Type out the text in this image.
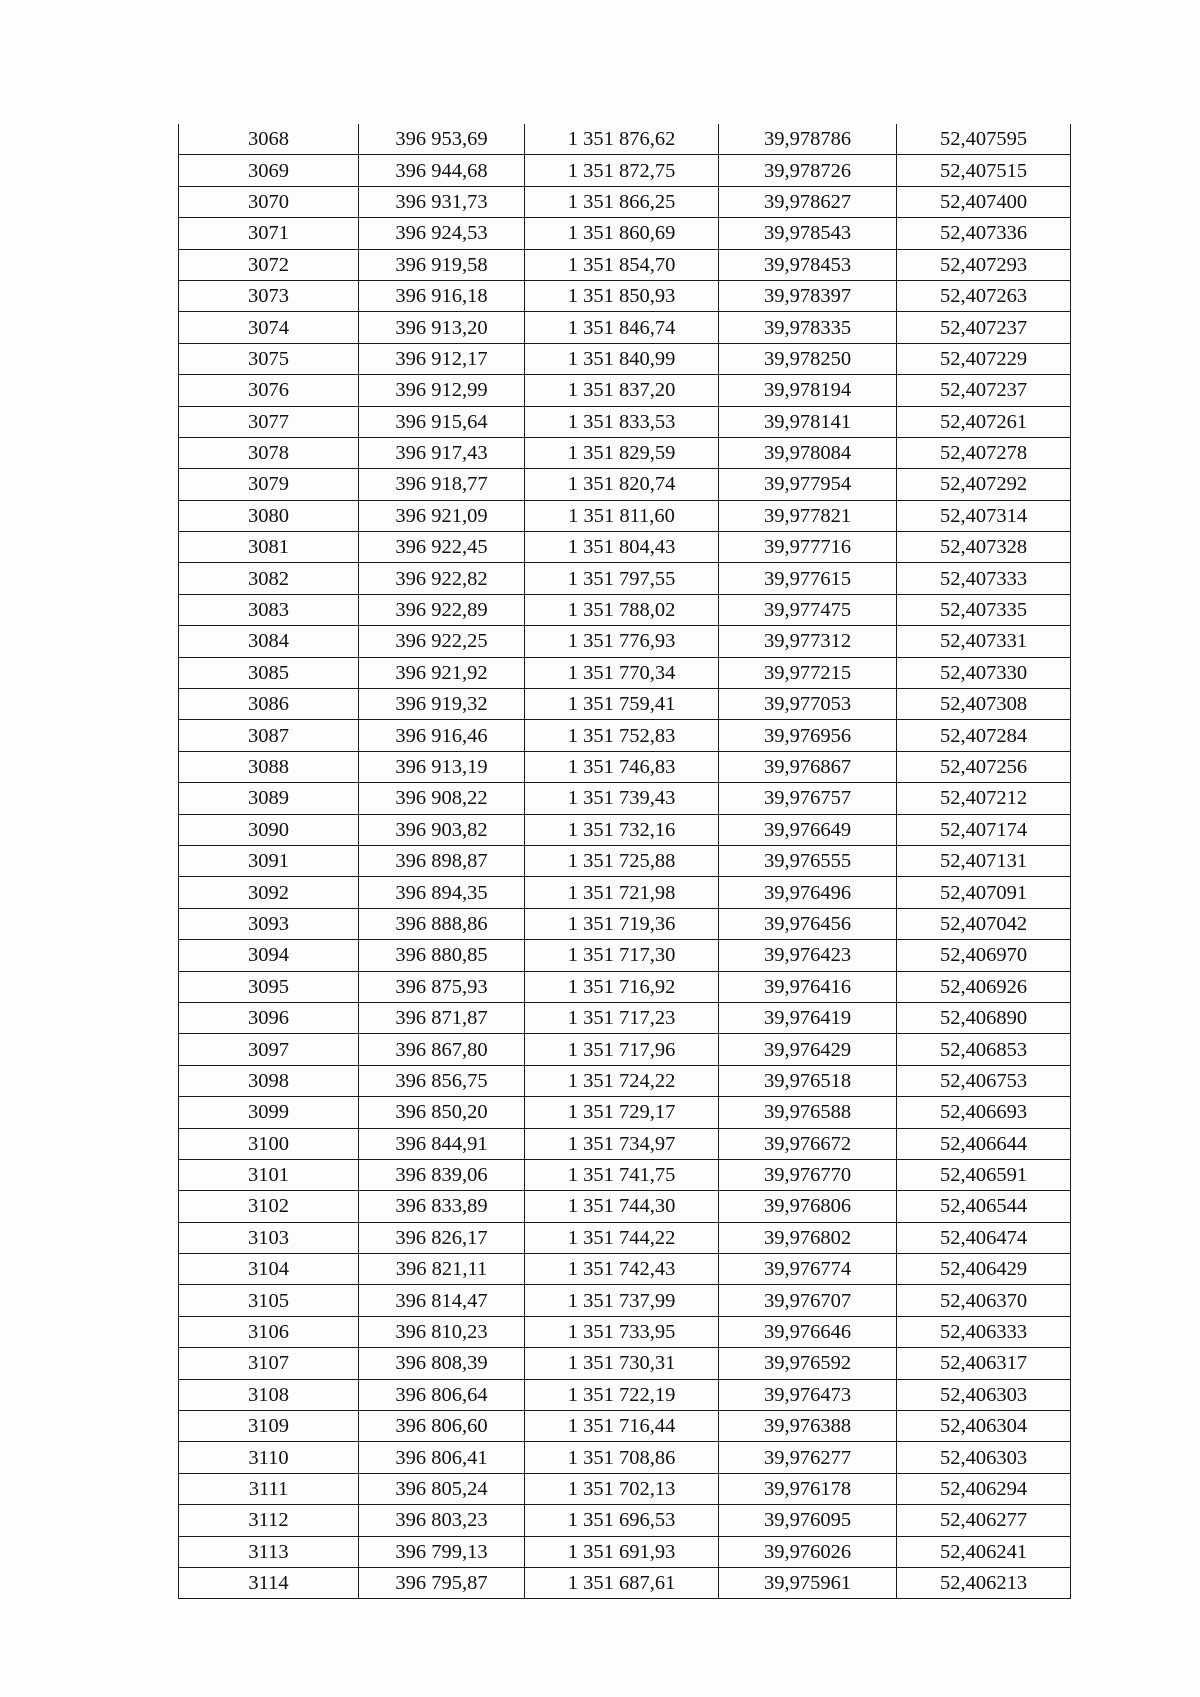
3068	396 953,69	1 351 876,62	39,978786	52,407595
3069	396 944,68	1 351 872,75	39,978726	52,407515
3070	396 931,73	1 351 866,25	39,978627	52,407400
3071	396 924,53	1 351 860,69	39,978543	52,407336
3072	396 919,58	1 351 854,70	39,978453	52,407293
3073	396 916,18	1 351 850,93	39,978397	52,407263
3074	396 913,20	1 351 846,74	39,978335	52,407237
3075	396 912,17	1 351 840,99	39,978250	52,407229
3076	396 912,99	1 351 837,20	39,978194	52,407237
3077	396 915,64	1 351 833,53	39,978141	52,407261
3078	396 917,43	1 351 829,59	39,978084	52,407278
3079	396 918,77	1 351 820,74	39,977954	52,407292
3080	396 921,09	1 351 811,60	39,977821	52,407314
3081	396 922,45	1 351 804,43	39,977716	52,407328
3082	396 922,82	1 351 797,55	39,977615	52,407333
3083	396 922,89	1 351 788,02	39,977475	52,407335
3084	396 922,25	1 351 776,93	39,977312	52,407331
3085	396 921,92	1 351 770,34	39,977215	52,407330
3086	396 919,32	1 351 759,41	39,977053	52,407308
3087	396 916,46	1 351 752,83	39,976956	52,407284
3088	396 913,19	1 351 746,83	39,976867	52,407256
3089	396 908,22	1 351 739,43	39,976757	52,407212
3090	396 903,82	1 351 732,16	39,976649	52,407174
3091	396 898,87	1 351 725,88	39,976555	52,407131
3092	396 894,35	1 351 721,98	39,976496	52,407091
3093	396 888,86	1 351 719,36	39,976456	52,407042
3094	396 880,85	1 351 717,30	39,976423	52,406970
3095	396 875,93	1 351 716,92	39,976416	52,406926
3096	396 871,87	1 351 717,23	39,976419	52,406890
3097	396 867,80	1 351 717,96	39,976429	52,406853
3098	396 856,75	1 351 724,22	39,976518	52,406753
3099	396 850,20	1 351 729,17	39,976588	52,406693
3100	396 844,91	1 351 734,97	39,976672	52,406644
3101	396 839,06	1 351 741,75	39,976770	52,406591
3102	396 833,89	1 351 744,30	39,976806	52,406544
3103	396 826,17	1 351 744,22	39,976802	52,406474
3104	396 821,11	1 351 742,43	39,976774	52,406429
3105	396 814,47	1 351 737,99	39,976707	52,406370
3106	396 810,23	1 351 733,95	39,976646	52,406333
3107	396 808,39	1 351 730,31	39,976592	52,406317
3108	396 806,64	1 351 722,19	39,976473	52,406303
3109	396 806,60	1 351 716,44	39,976388	52,406304
3110	396 806,41	1 351 708,86	39,976277	52,406303
3111	396 805,24	1 351 702,13	39,976178	52,406294
3112	396 803,23	1 351 696,53	39,976095	52,406277
3113	396 799,13	1 351 691,93	39,976026	52,406241
3114	396 795,87	1 351 687,61	39,975961	52,406213
